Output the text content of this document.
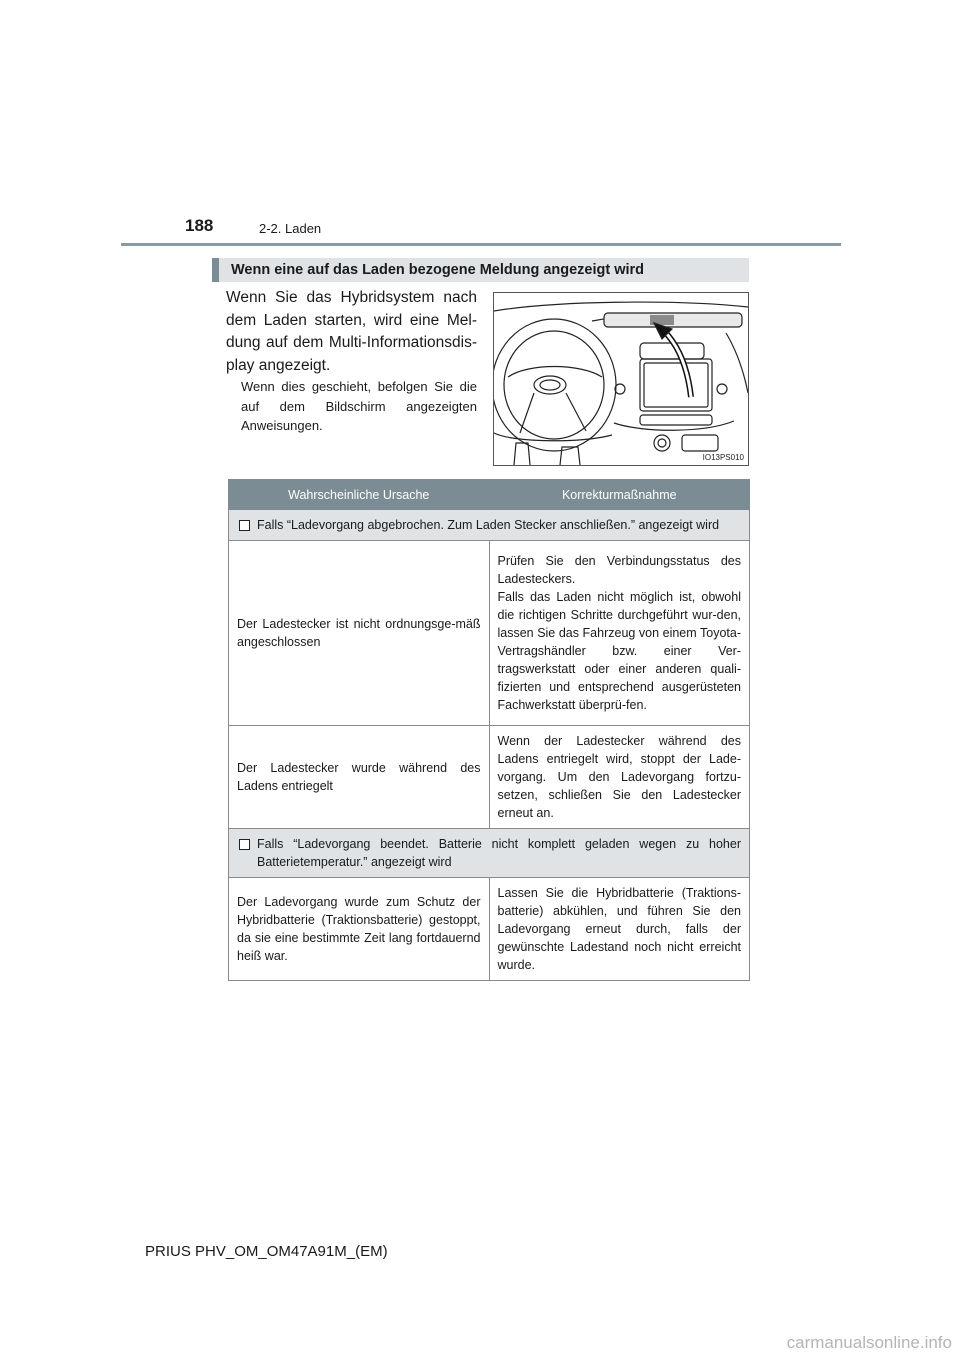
188	2-2. Laden
Wenn eine auf das Laden bezogene Meldung angezeigt wird
Wenn Sie das Hybridsystem nach dem Laden starten, wird eine Mel-dung auf dem Multi-Informationsdis-play angezeigt.
Wenn dies geschieht, befolgen Sie die auf dem Bildschirm angezeigten Anweisungen.
IO13PS010
Wahrscheinliche Ursache	Korrekturmaßnahme

Falls “Ladevorgang abgebrochen. Zum Laden Stecker anschließen.” angezeigt wird	

Der Ladestecker ist nicht ordnungsge-mäß angeschlossen	Prüfen Sie den Verbindungsstatus des Ladesteckers.
Falls das Laden nicht möglich ist, obwohl die richtigen Schritte durchgeführt wur-den, lassen Sie das Fahrzeug von einem Toyota-Vertragshändler bzw. einer Ver-tragswerkstatt oder einer anderen quali-fizierten und entsprechend ausgerüsteten Fachwerkstatt überprü-fen.
Der Ladestecker wurde während des Ladens entriegelt	Wenn der Ladestecker während des Ladens entriegelt wird, stoppt der Lade-vorgang. Um den Ladevorgang fortzu-setzen, schließen Sie den Ladestecker erneut an.

Falls “Ladevorgang beendet. Batterie nicht komplett geladen wegen zu hoher Batterietemperatur.” angezeigt wird	

Der Ladevorgang wurde zum Schutz der Hybridbatterie (Traktionsbatterie) gestoppt, da sie eine bestimmte Zeit lang fortdauernd heiß war.	Lassen Sie die Hybridbatterie (Traktions-batterie) abkühlen, und führen Sie den Ladevorgang erneut durch, falls der gewünschte Ladestand noch nicht erreicht wurde.
PRIUS PHV_OM_OM47A91M_(EM)
carmanualsonline.info
